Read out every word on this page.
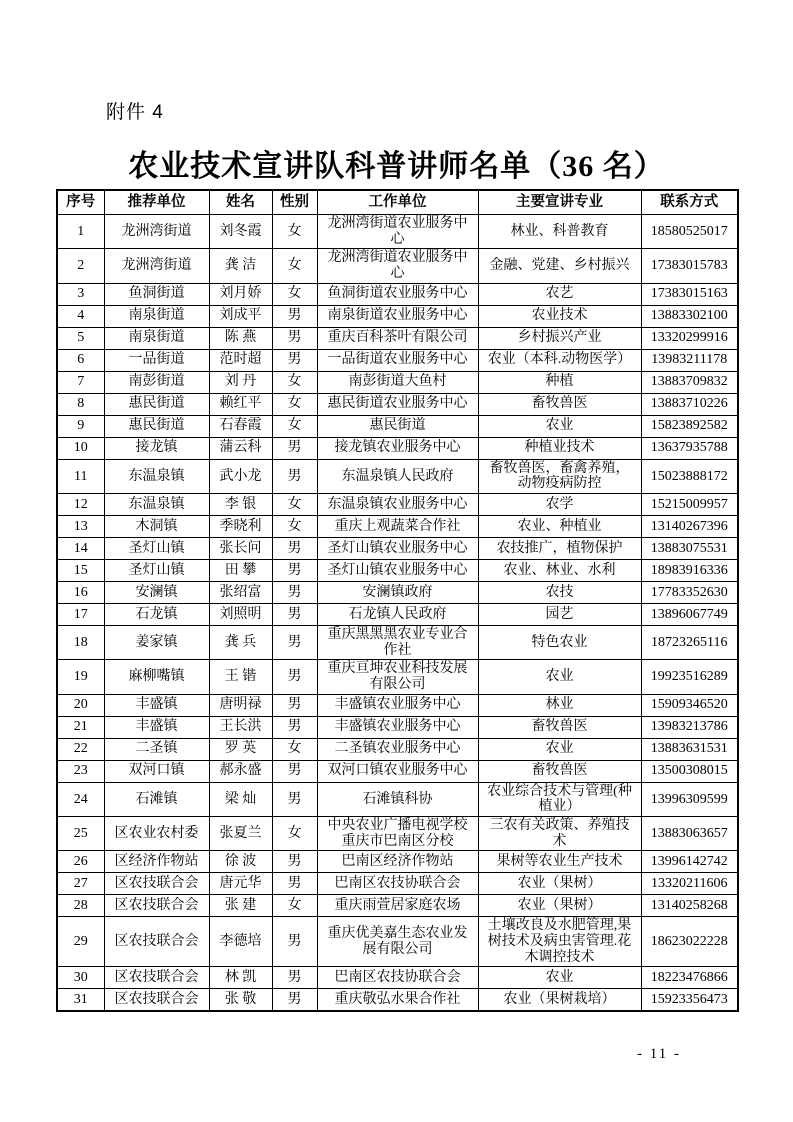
附件 4
农业技术宣讲队科普讲师名单（36 名）
序号	推荐单位	姓名	性别	工作单位	主要宣讲专业	联系方式
1	龙洲湾街道	刘冬霞	女	龙洲湾街道农业服务中心	林业、科普教育	18580525017
2	龙洲湾街道	龚 洁	女	龙洲湾街道农业服务中心	金融、党建、乡村振兴	17383015783
3	鱼洞街道	刘月娇	女	鱼洞街道农业服务中心	农艺	17383015163
4	南泉街道	刘成平	男	南泉街道农业服务中心	农业技术	13883302100
5	南泉街道	陈 燕	男	重庆百科茶叶有限公司	乡村振兴产业	13320299916
6	一品街道	范时超	男	一品街道农业服务中心	农业（本科.动物医学）	13983211178
7	南彭街道	刘 丹	女	南彭街道大鱼村	种植	13883709832
8	惠民街道	赖红平	女	惠民街道农业服务中心	畜牧兽医	13883710226
9	惠民街道	石春霞	女	惠民街道	农业	15823892582
10	接龙镇	蒲云科	男	接龙镇农业服务中心	种植业技术	13637935788
11	东温泉镇	武小龙	男	东温泉镇人民政府	畜牧兽医，畜禽养殖，动物疫病防控	15023888172
12	东温泉镇	李 银	女	东温泉镇农业服务中心	农学	15215009957
13	木洞镇	季晓利	女	重庆上观蔬菜合作社	农业、种植业	13140267396
14	圣灯山镇	张长问	男	圣灯山镇农业服务中心	农技推广，植物保护	13883075531
15	圣灯山镇	田 攀	男	圣灯山镇农业服务中心	农业、林业、水利	18983916336
16	安澜镇	张绍富	男	安澜镇政府	农技	17783352630
17	石龙镇	刘照明	男	石龙镇人民政府	园艺	13896067749
18	姜家镇	龚 兵	男	重庆黑黑黑农业专业合作社	特色农业	18723265116
19	麻柳嘴镇	王 锴	男	重庆亘坤农业科技发展有限公司	农业	19923516289
20	丰盛镇	唐明禄	男	丰盛镇农业服务中心	林业	15909346520
21	丰盛镇	王长洪	男	丰盛镇农业服务中心	畜牧兽医	13983213786
22	二圣镇	罗 英	女	二圣镇农业服务中心	农业	13883631531
23	双河口镇	郝永盛	男	双河口镇农业服务中心	畜牧兽医	13500308015
24	石滩镇	梁 灿	男	石滩镇科协	农业综合技术与管理(种植业）	13996309599
25	区农业农村委	张夏兰	女	中央农业广播电视学校重庆市巴南区分校	三农有关政策、养殖技术	13883063657
26	区经济作物站	徐 波	男	巴南区经济作物站	果树等农业生产技术	13996142742
27	区农技联合会	唐元华	男	巴南区农技协联合会	农业（果树）	13320211606
28	区农技联合会	张 建	女	重庆雨萱居家庭农场	农业（果树）	13140258268
29	区农技联合会	李德培	男	重庆优美嘉生态农业发展有限公司	土壤改良及水肥管理,果树技术及病虫害管理.花木调控技术	18623022228
30	区农技联合会	林 凯	男	巴南区农技协联合会	农业	18223476866
31	区农技联合会	张 敬	男	重庆敬弘水果合作社	农业（果树栽培）	15923356473
- 11 -
